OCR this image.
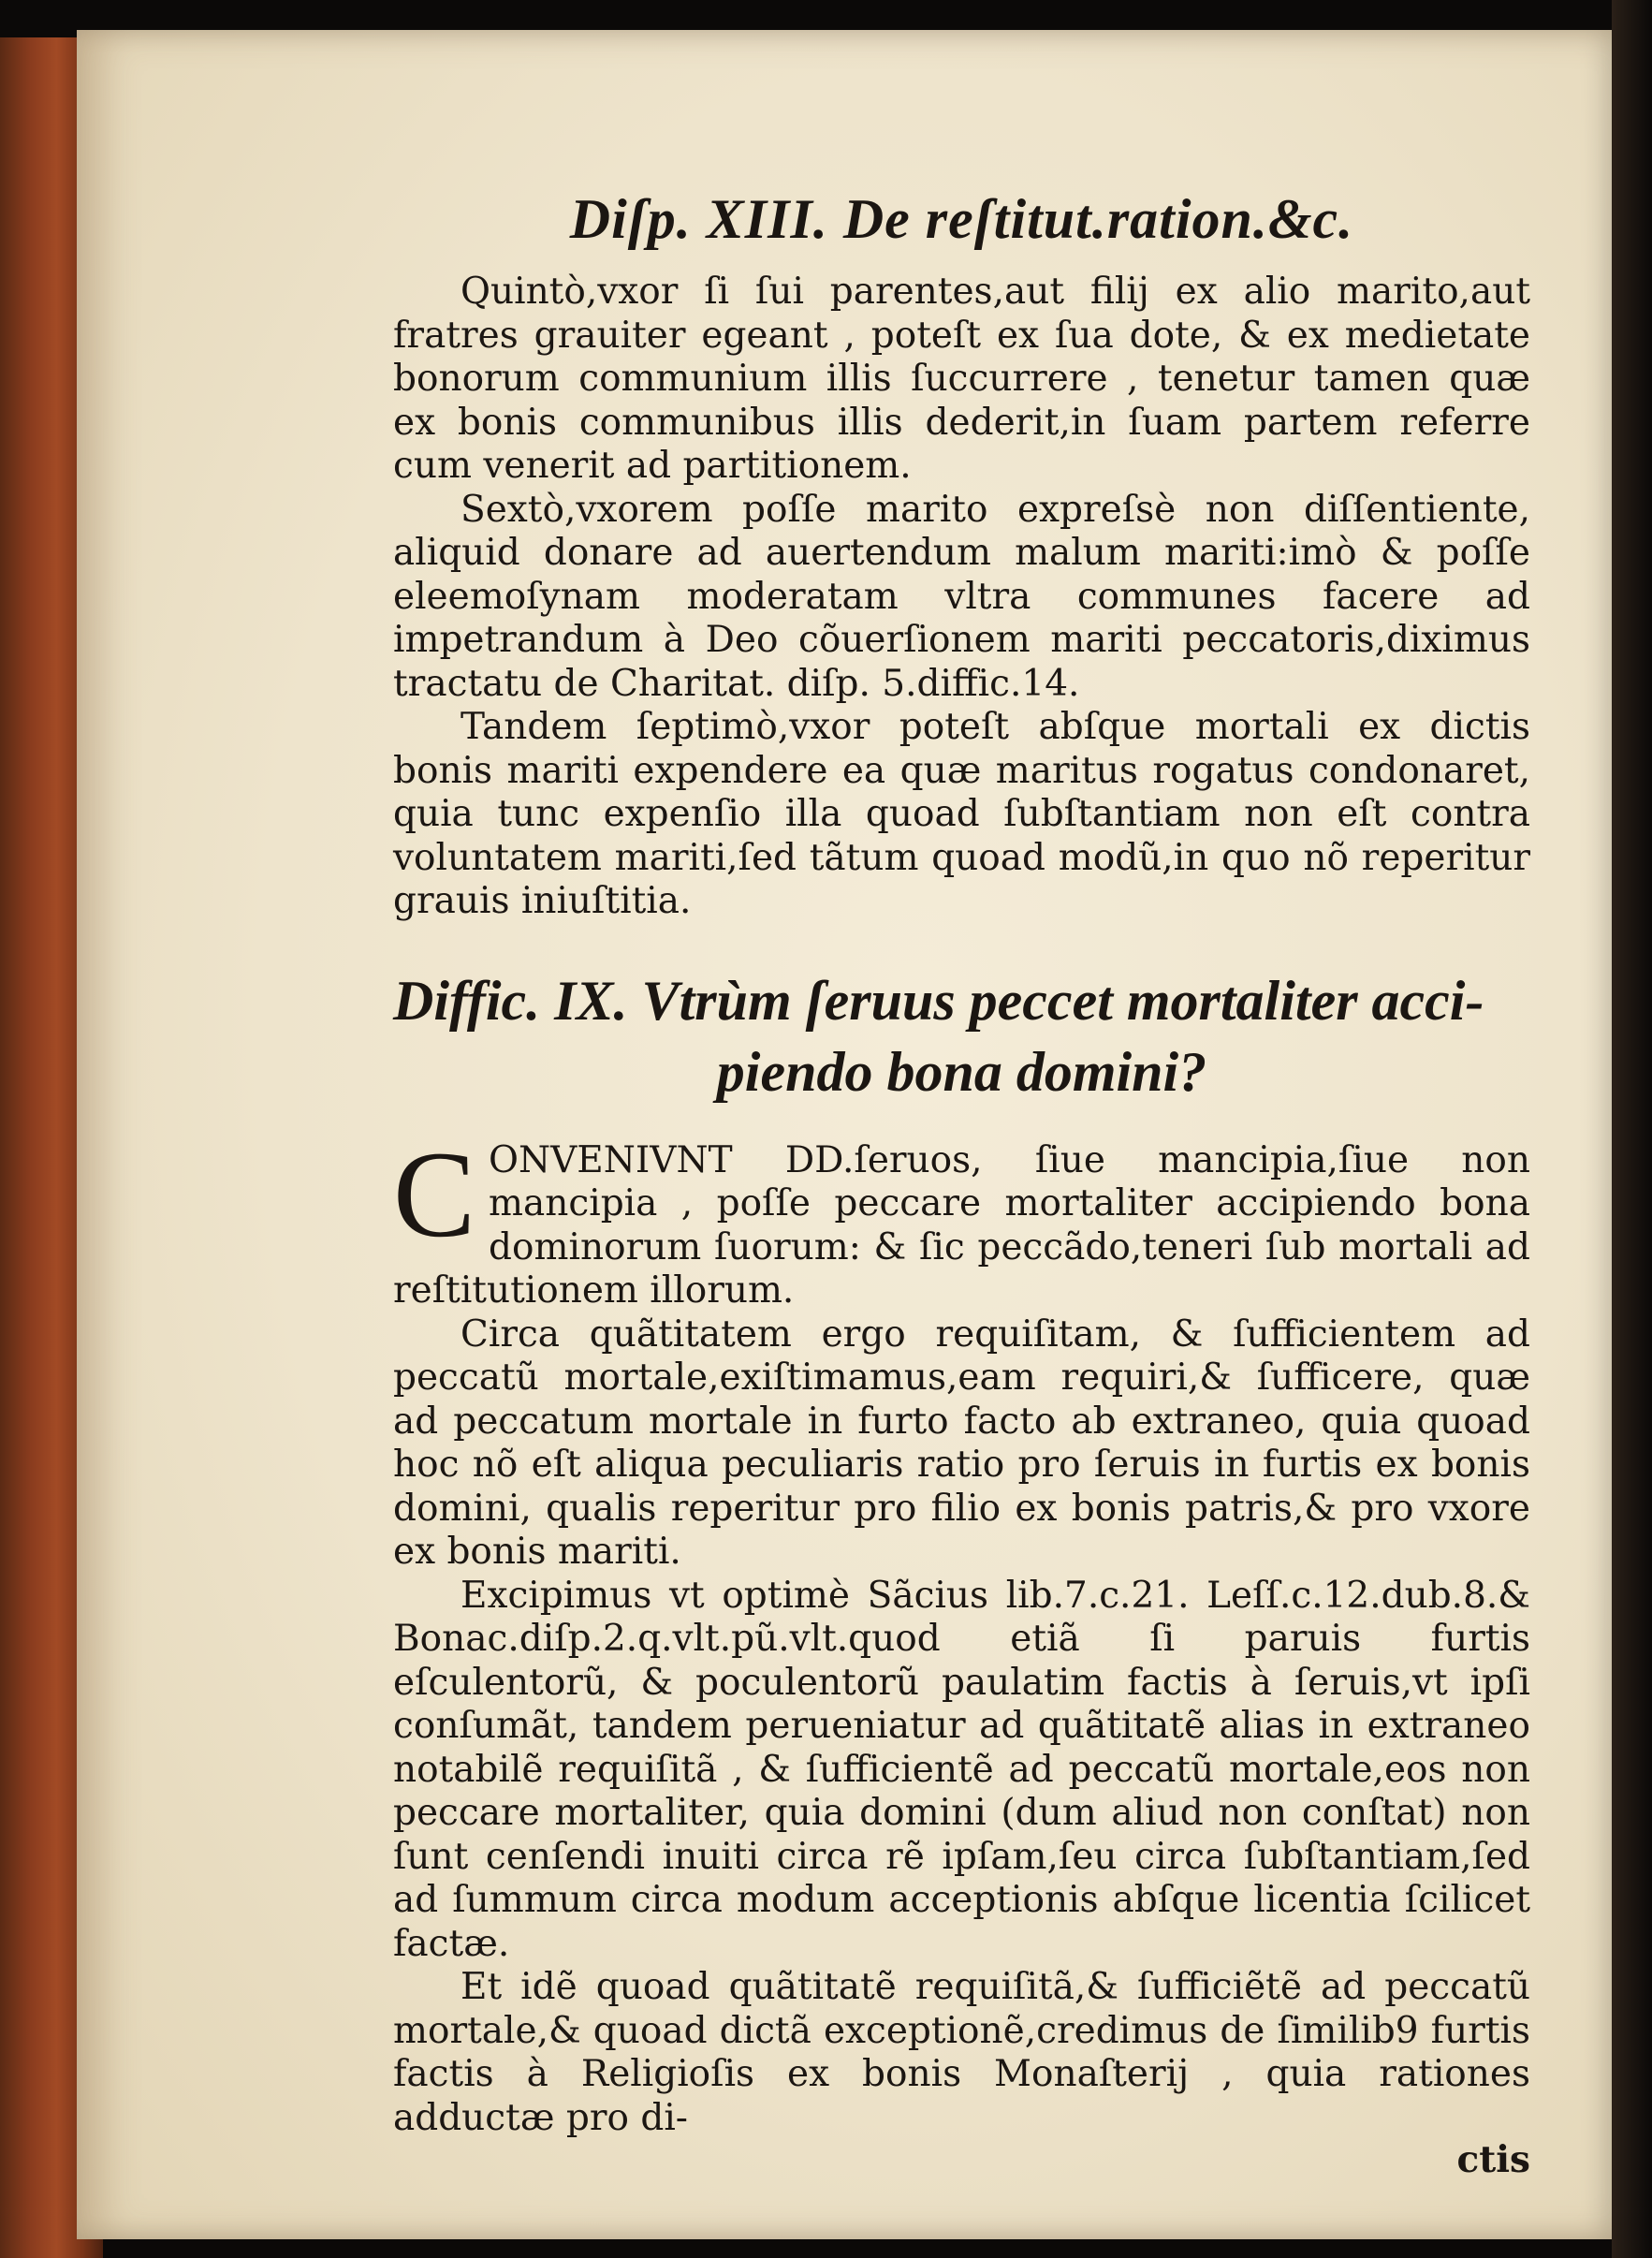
Diſp. XIII. De reſtitut.ration.&c.

Quintò,vxor ſi ſui parentes,aut filij ex alio marito,aut fratres grauiter egeant , poteſt ex ſua dote, & ex medietate bonorum communium illis ſuccurrere , tenetur tamen quæ ex bonis communibus illis dederit,in ſuam partem referre cum venerit ad partitionem.

Sextò,vxorem poſſe marito expreſsè non diſſentiente, aliquid donare ad auertendum malum mariti:imò & poſſe eleemoſynam moderatam vltra communes facere ad impetrandum à Deo cõuerſionem mariti peccatoris,diximus tractatu de Charitat. diſp. 5.diffic.14.

Tandem ſeptimò,vxor poteſt abſque mortali ex dictis bonis mariti expendere ea quæ maritus rogatus condonaret, quia tunc expenſio illa quoad ſubſtantiam non eſt contra voluntatem mariti,ſed tãtum quoad modũ,in quo nõ reperitur grauis iniuſtitia.

Diffic. IX. Vtrùm ſeruus peccet mortaliter acci-
piendo bona domini?

C ONVENIVNT DD.ſeruos, ſiue mancipia,ſiue non mancipia , poſſe peccare mortaliter accipiendo bona dominorum ſuorum: & ſic peccãdo,teneri ſub mortali ad reſtitutionem illorum.

Circa quãtitatem ergo requiſitam, & ſufficientem ad peccatũ mortale,exiſtimamus,eam requiri,& ſufficere, quæ ad peccatum mortale in furto facto ab extraneo, quia quoad hoc nõ eſt aliqua peculiaris ratio pro ſeruis in furtis ex bonis domini, qualis reperitur pro filio ex bonis patris,& pro vxore ex bonis mariti.

Excipimus vt optimè Sãcius lib.7.c.21. Leſſ.c.12.dub.8.& Bonac.diſp.2.q.vlt.pũ.vlt.quod etiã ſi paruis furtis eſculentorũ, & poculentorũ paulatim factis à ſeruis,vt ipſi conſumãt, tandem perueniatur ad quãtitatẽ alias in extraneo notabilẽ requiſitã , & ſufficientẽ ad peccatũ mortale,eos non peccare mortaliter, quia domini (dum aliud non conſtat) non ſunt cenſendi inuiti circa rẽ ipſam,ſeu circa ſubſtantiam,ſed ad ſummum circa modum acceptionis abſque licentia ſcilicet factæ.

Et idẽ quoad quãtitatẽ requiſitã,& ſufficiẽtẽ ad peccatũ mortale,& quoad dictã exceptionẽ,credimus de ſimilib9 furtis factis à Religioſis ex bonis Monaſterij , quia rationes adductæ pro di-

ctis
